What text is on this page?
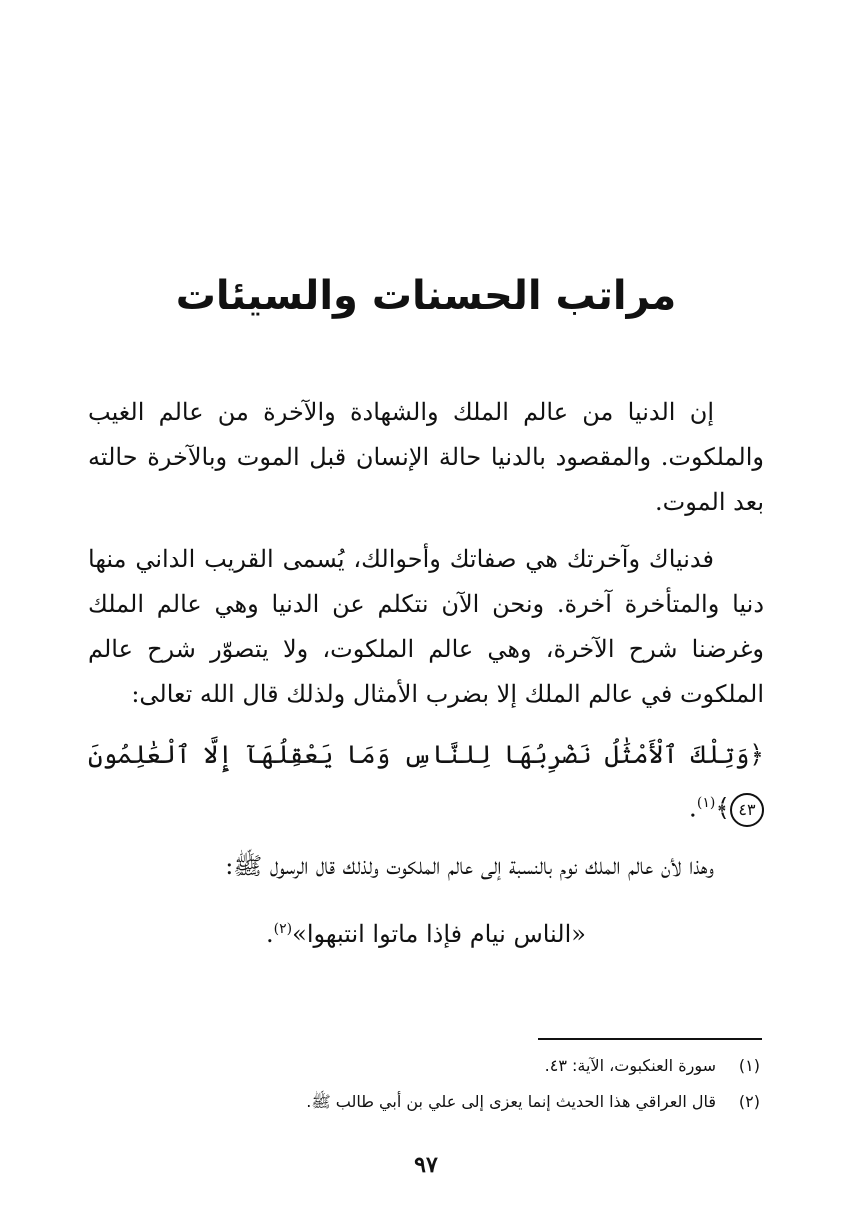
مراتب الحسنات والسيئات

إن الدنيا من عالم الملك والشهادة والآخرة من عالم الغيب والملكوت. والمقصود بالدنيا حالة الإنسان قبل الموت وبالآخرة حالته بعد الموت.

فدنياك وآخرتك هي صفاتك وأحوالك، يُسمى القريب الداني منها دنيا والمتأخرة آخرة. ونحن الآن نتكلم عن الدنيا وهي عالم الملك وغرضنا شرح الآخرة، وهي عالم الملكوت، ولا يتصوّر شرح عالم الملكوت في عالم الملك إلا بضرب الأمثال ولذلك قال الله تعالى:

﴿وَتِلْكَ ٱلْأَمْثَٰلُ نَضْرِبُهَا لِلنَّاسِ وَمَا يَعْقِلُهَآ إِلَّا ٱلْعَٰلِمُونَ ٤٣﴾$^{(١)}$.

وهذا لأن عالم الملك نوم بالنسبة إلى عالم الملكوت ولذلك قال الرسول ﷺ:

«الناس نيام فإذا ماتوا انتبهوا»$^{(٢)}$.

(١)سورة العنكبوت، الآية: ٤٣.

(٢)قال العراقي هذا الحديث إنما يعزى إلى علي بن أبي طالب ﷺ.

٩٧
